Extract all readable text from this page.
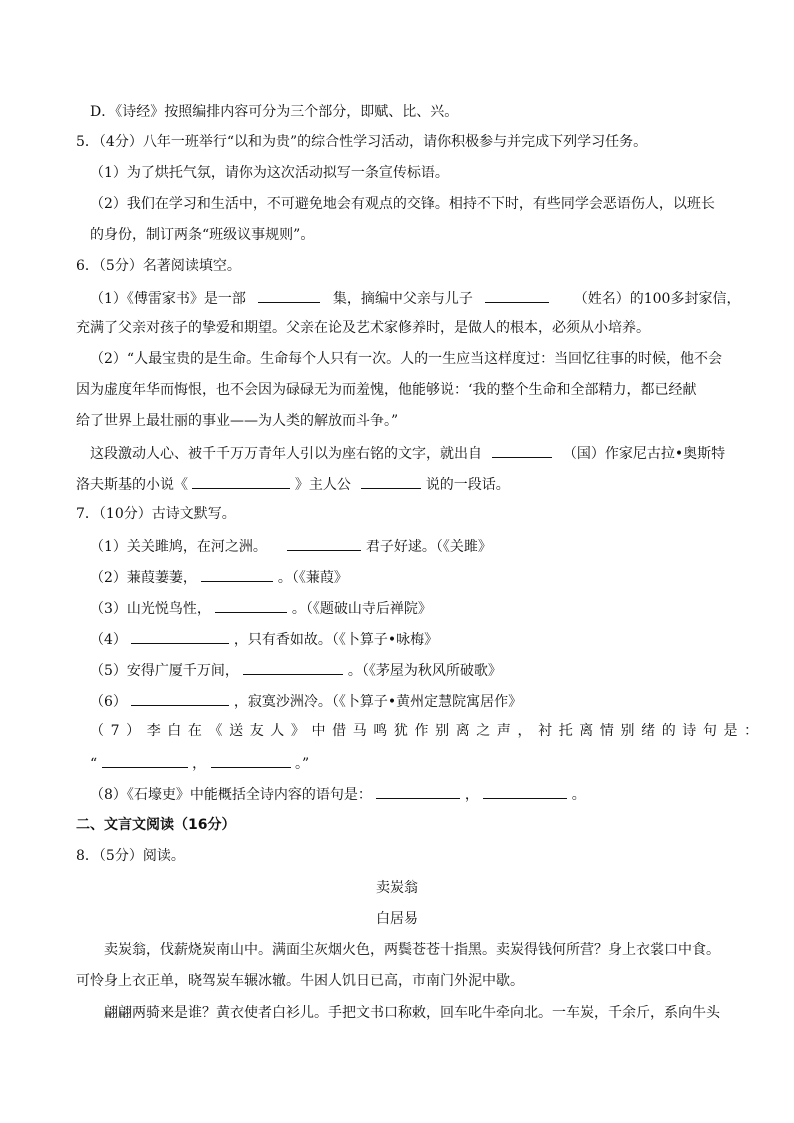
D．《诗经》按照编排内容可分为三个部分，即赋、比、兴。
5．（4分）八年一班举行“以和为贵”的综合性学习活动，请你积极参与并完成下列学习任务。
（1）为了烘托气氛，请你为这次活动拟写一条宣传标语。
（2）我们在学习和生活中，不可避免地会有观点的交锋。相持不下时，有些同学会恶语伤人，以班长
的身份，制订两条“班级议事规则”。
6．（5分）名著阅读填空。
（1）《傅雷家书》是一部	集，摘编中父亲与儿子	（姓名）的100多封家信，
充满了父亲对孩子的挚爱和期望。父亲在论及艺术家修养时，是做人的根本，必须从小培养。
（2）“人最宝贵的是生命。生命每个人只有一次。人的一生应当这样度过：当回忆往事的时候，他不会
因为虚度年华而悔恨，也不会因为碌碌无为而羞愧，他能够说：‘我的整个生命和全部精力，都已经献
给了世界上最壮丽的事业——为人类的解放而斗争。”
这段激动人心、被千千万万青年人引以为座右铭的文字，就出自	（国）作家尼古拉•奥斯特
洛夫斯基的小说《	》主人公	说的一段话。
7．（10分）古诗文默写。
（1）关关雎鸠，在河之洲。	君子好逑。（《关雎》
（2）蒹葭萋萋，	。（《蒹葭》
（3）山光悦鸟性，	。（《题破山寺后禅院》
（4）	，只有香如故。（《卜算子•咏梅》
（5）安得广厦千万间，	。（《茅屋为秋风所破歌》
（6）	，寂寞沙洲冷。（《卜算子•黄州定慧院寓居作》
（7）李白在《送友人》中借马鸣犹作别离之声，衬托离情别绪的诗句是：
“	，	。”
（8）《石壕吏》中能概括全诗内容的语句是：	，	。
二、文言文阅读（16分）
8．（5分）阅读。
卖炭翁
白居易
卖炭翁，伐薪烧炭南山中。满面尘灰烟火色，两鬓苍苍十指黑。卖炭得钱何所营？身上衣裳口中食。
可怜身上衣正单，晓驾炭车辗冰辙。牛困人饥日已高，市南门外泥中歇。
翩翩两骑来是谁？黄衣使者白衫儿。手把文书口称敕，回车叱牛牵向北。一车炭，千余斤，系向牛头
